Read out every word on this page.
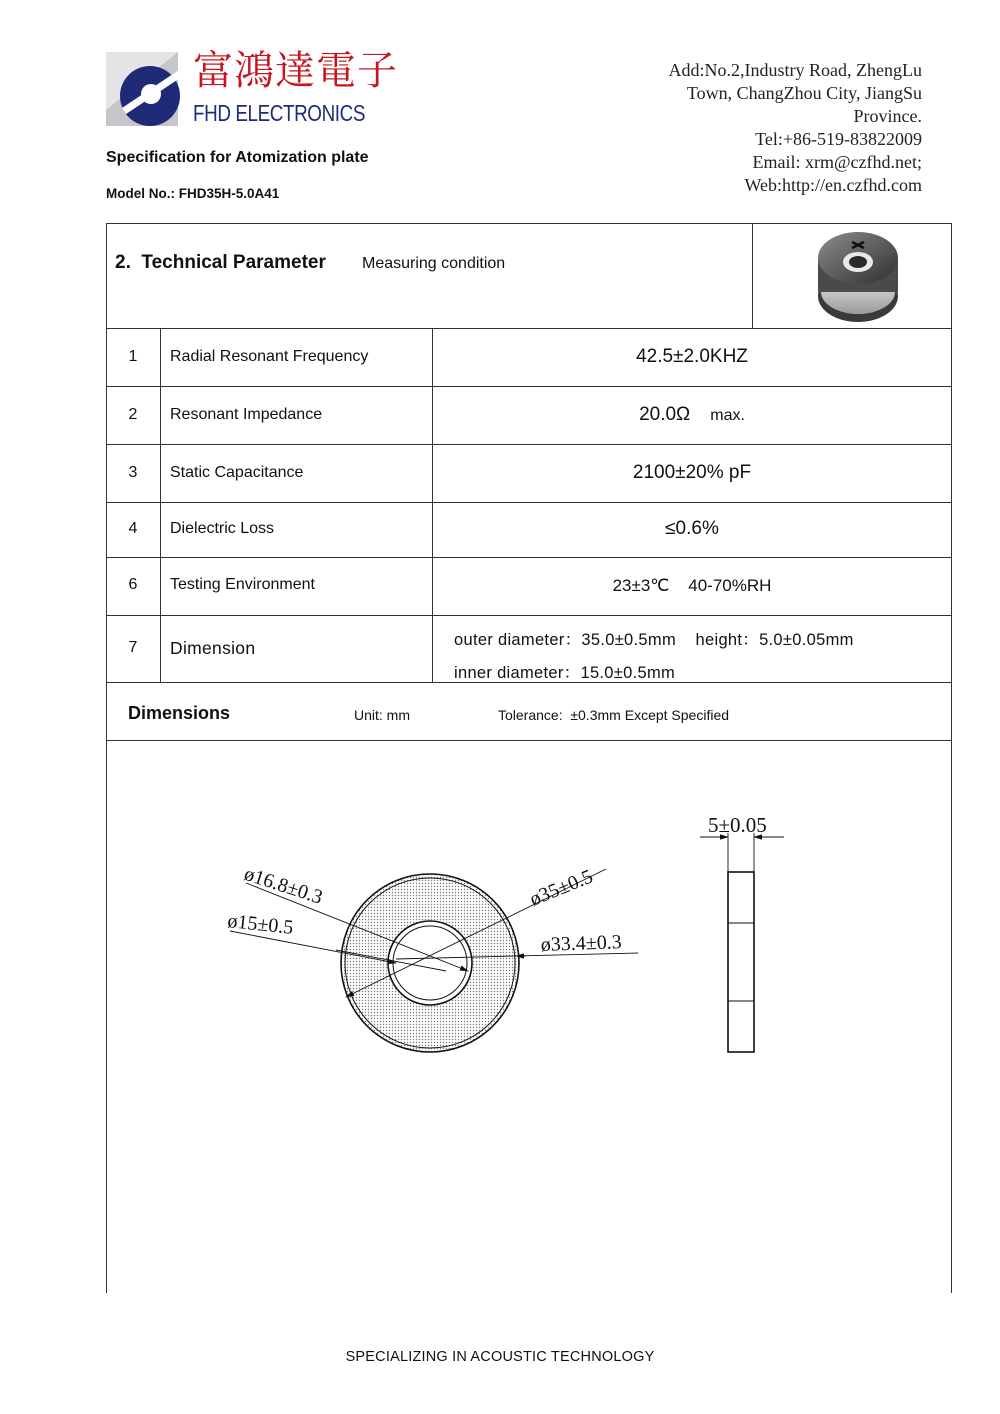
富鴻達電子
FHD ELECTRONICS
Specification for Atomization plate
Model No.: FHD35H-5.0A41
Add:No.2,Industry Road, ZhengLu
Town, ChangZhou City, JiangSu
Province.
Tel:+86-519-83822009
Email: xrm@czfhd.net;
Web:http://en.czfhd.com
2.  Technical Parameter Measuring condition
1	Radial Resonant Frequency	42.5±2.0KHZ
2	Resonant Impedance	20.0Ω max.
3	Static Capacitance	2100±20% pF
4	Dielectric Loss	≤0.6%
6	Testing Environment	23±3℃    40-70%RH
7	Dimension	outer diameter：35.0±0.5mm    height：5.0±0.05mm
inner diameter：15.0±0.5mm
Dimensions	Unit: mm	Tolerance:  ±0.3mm Except Specified
ø16.8±0.3
ø15±0.5
ø35±0.5
ø33.4±0.3
5±0.05
SPECIALIZING IN ACOUSTIC TECHNOLOGY
